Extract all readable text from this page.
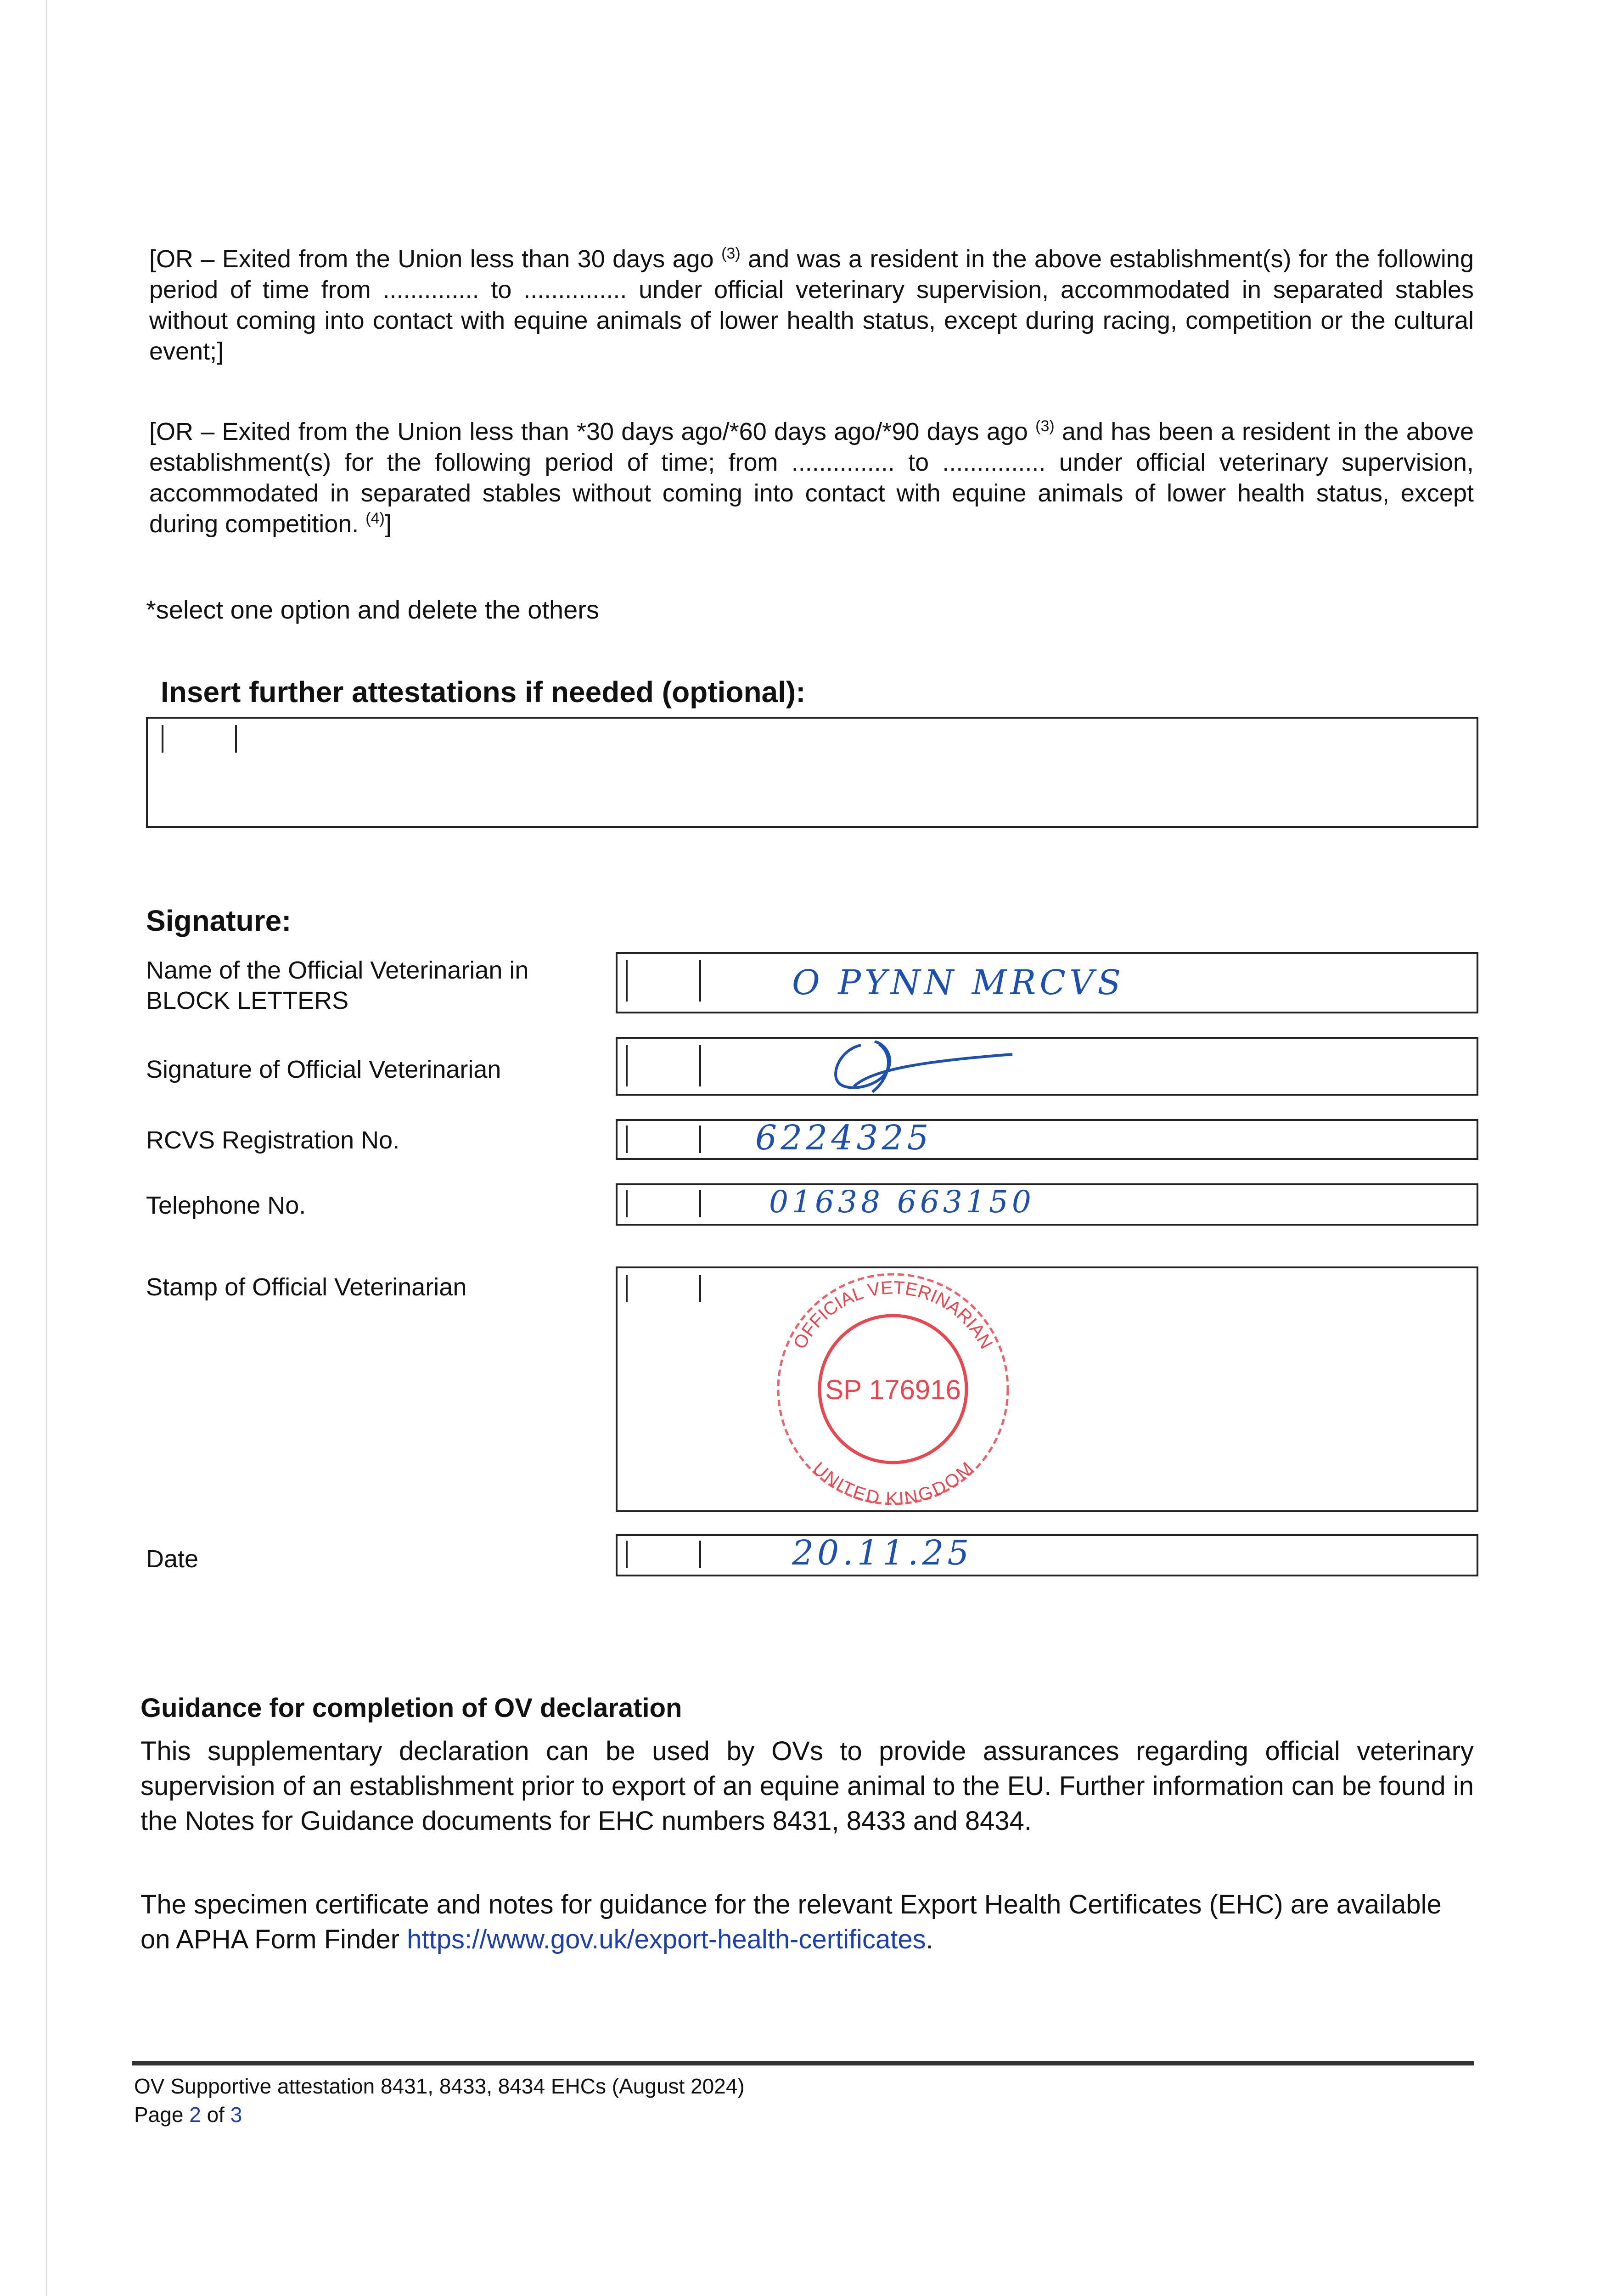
[OR – Exited from the Union less than 30 days ago $^{(3)}$ and was a resident in the above establishment(s) for the following period of time from .............. to ............... under official veterinary supervision, accommodated in separated stables without coming into contact with equine animals of lower health status, except during racing, competition or the cultural event;]
[OR – Exited from the Union less than *30 days ago/*60 days ago/*90 days ago $^{(3)}$ and has been a resident in the above establishment(s) for the following period of time; from ............... to ............... under official veterinary supervision, accommodated in separated stables without coming into contact with equine animals of lower health status, except during competition. $^{(4)}$]
*select one option and delete the others
Insert further attestations if needed (optional):
Signature:
Name of the Official Veterinarian in
BLOCK LETTERS	O PYNN MRCVS
Signature of Official Veterinarian
RCVS Registration No.	6224325
Telephone No.	01638 663150
Stamp of Official Veterinarian
OFFICIAL VETERINARIAN
UNITED KINGDOM
SP 176916
Date	20.11.25
Guidance for completion of OV declaration
This supplementary declaration can be used by OVs to provide assurances regarding official veterinary supervision of an establishment prior to export of an equine animal to the EU. Further information can be found in the Notes for Guidance documents for EHC numbers 8431, 8433 and 8434.
The specimen certificate and notes for guidance for the relevant Export Health Certificates (EHC) are available on APHA Form Finder https://www.gov.uk/export-health-certificates.
OV Supportive attestation 8431, 8433, 8434 EHCs (August 2024)
Page 2 of 3
